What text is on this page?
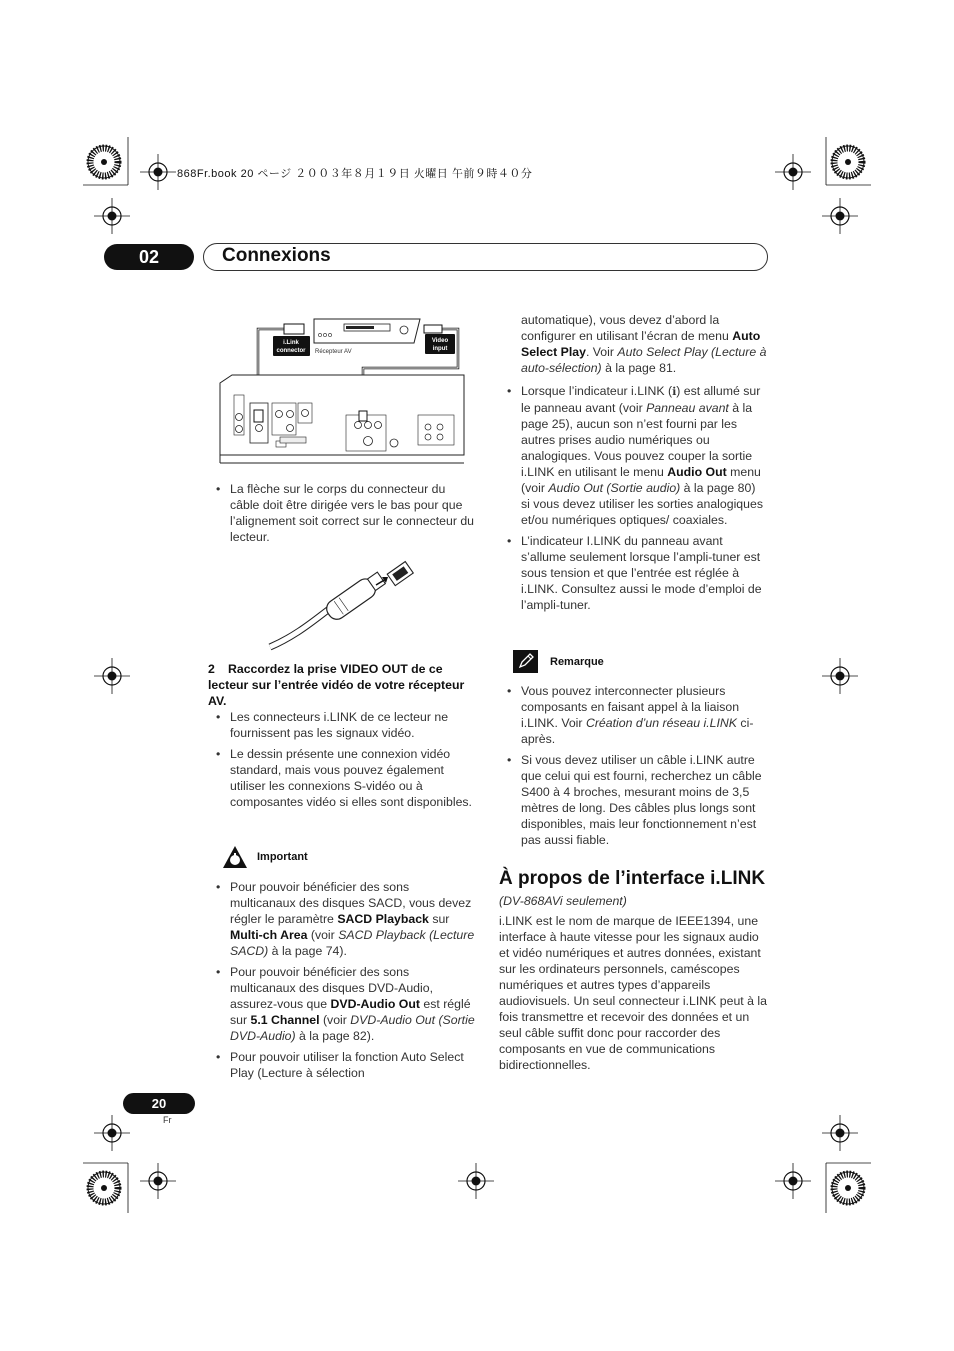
868Fr.book 20 ページ ２００３年８月１９日 火曜日 午前９時４０分
02	Connexions
i.Link
connector Récepteur AV
Video
input

• La flèche sur le corps du connecteur du câble doit être dirigée vers le bas pour que l’alignement soit correct sur le connecteur du lecteur.

2 Raccordez la prise VIDEO OUT de ce lecteur sur l’entrée vidéo de votre récepteur AV.

• Les connecteurs i.LINK de ce lecteur ne fournissent pas les signaux vidéo.

• Le dessin présente une connexion vidéo standard, mais vous pouvez également utiliser les connexions S-vidéo ou à composantes vidéo si elles sont disponibles.

Important

• Pour pouvoir bénéficier des sons multicanaux des disques SACD, vous devez régler le paramètre SACD Playback sur Multi-ch Area (voir SACD Playback (Lecture SACD) à la page 74).

• Pour pouvoir bénéficier des sons multicanaux des disques DVD-Audio, assurez-vous que DVD-Audio Out est réglé sur 5.1 Channel (voir DVD-Audio Out (Sortie DVD-Audio) à la page 82).

• Pour pouvoir utiliser la fonction Auto Select Play (Lecture à sélection

automatique), vous devez d’abord la configurer en utilisant l’écran de menu Auto Select Play. Voir Auto Select Play (Lecture à auto-sélection) à la page 81.

• Lorsque l’indicateur i.LINK (​ℹ) est allumé sur le panneau avant (voir Panneau avant à la page 25), aucun son n’est fourni par les autres prises audio numériques ou analogiques. Vous pouvez couper la sortie i.LINK en utilisant le menu Audio Out menu (voir Audio Out (Sortie audio) à la page 80) si vous devez utiliser les sorties analogiques et/ou numériques optiques/ coaxiales.

• L’indicateur I.LINK du panneau avant s’allume seulement lorsque l’ampli-tuner est sous tension et que l’entrée est réglée à i.LINK. Consultez aussi le mode d’emploi de l’ampli-tuner.

Remarque

• Vous pouvez interconnecter plusieurs composants en faisant appel à la liaison i.LINK. Voir Création d’un réseau i.LINK ci-après.

• Si vous devez utiliser un câble i.LINK autre que celui qui est fourni, recherchez un câble S400 à 4 broches, mesurant moins de 3,5 mètres de long. Des câbles plus longs sont disponibles, mais leur fonctionnement n’est pas aussi fiable.

À propos de l’interface i.LINK
(DV-868AVi seulement)

i.LINK est le nom de marque de IEEE1394, une interface à haute vitesse pour les signaux audio et vidéo numériques et autres données, existant sur les ordinateurs personnels, caméscopes numériques et autres types d’appareils audiovisuels. Un seul connecteur i.LINK peut à la fois transmettre et recevoir des données et un seul câble suffit donc pour raccorder des composants en vue de communications bidirectionnelles.

20
Fr
